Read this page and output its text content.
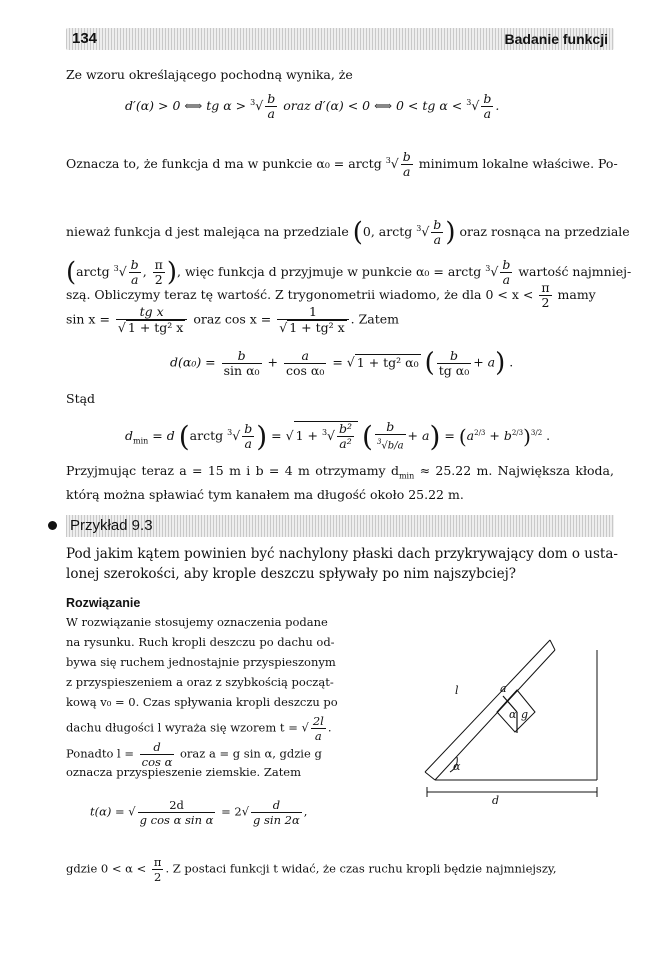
134	Badanie funkcji
Ze wzoru określającego pochodną wynika, że
d′(α) > 0 ⟺ tg $\alpha > ^3√ \frac{b}{a}$ oraz d′(α) < 0 ⟺ 0 < tg $\alpha < ^3√ \frac{b}{a}$ .
Oznacza to, że funkcja d ma w punkcie α₀ = arctg $^3√ \frac{b}{a}$ minimum lokalne właściwe. Po-
nieważ funkcja d jest malejąca na przedziale (0, arctg $^3√ \frac{b}{a}$ ) oraz rosnąca na przedziale
(arctg $^3√ \frac{b}{a}$ , $\frac{\pi}{2}$ ), więc funkcja d przyjmuje w punkcie α₀ = arctg $^3√ \frac{b}{a}$ wartość najmniej-
szą. Obliczymy teraz tę wartość. Z trygonometrii wiadomo, że dla $0 < x < \frac{\pi}{2}$ mamy
$\sin x = \frac{\text{tg x}}{\text{√ 1 + tg² x}}$ oraz $\cos x = \frac{1}{\text{√ 1 + tg² x}}$ . Zatem
$d(\alpha_0) = \frac{b}{\text{sin α₀}} + \frac{a}{\text{cos α₀}}$ = √ 1 + tg² α₀ ( $\frac{b}{\text{tg α₀}} + a$) .
Stąd
$d_{min} = d$ (arctg $^3√ \frac{b}{a}$ ) = √ $1 + ^3√ \frac{\text{b²}}{\text{a²}}$ ( $\frac{b}{^3√b/a} + a) = (a^{2/3} + b^{2/3})^{3/2}$ .
Przyjmując teraz a = 15 m i b = 4 m otrzymamy $d_{min} \approx 25.22$ m. Największa kłoda,
którą można spławiać tym kanałem ma długość około 25.22 m.
Przykład 9.3
Pod jakim kątem powinien być nachylony płaski dach przykrywający dom o usta-
lonej szerokości, aby krople deszczu spływały po nim najszybciej?
Rozwiązanie
W rozwiązanie stosujemy oznaczenia podane
na rysunku. Ruch kropli deszczu po dachu od-
bywa się ruchem jednostajnie przyspieszonym
z przyspieszeniem a oraz z szybkością począt-
kową v₀ = 0. Czas spływania kropli deszczu po
dachu długości l wyraża się wzorem t = √ $\frac{2l}{a}$ .
Ponadto $l = \frac{d}{\text{cos α}}$ oraz a = g sin α, gdzie g
oznacza przyspieszenie ziemskie. Zatem
t(α) = √ $\frac{2d}{\text{g cos α sin α}} = 2√ \frac{d}{\text{g sin 2α}}$ ,
gdzie $0 < \alpha < \frac{\pi}{2}$ . Z postaci funkcji t widać, że czas ruchu kropli będzie najmniejszy,
l	a
g
α
α
d
